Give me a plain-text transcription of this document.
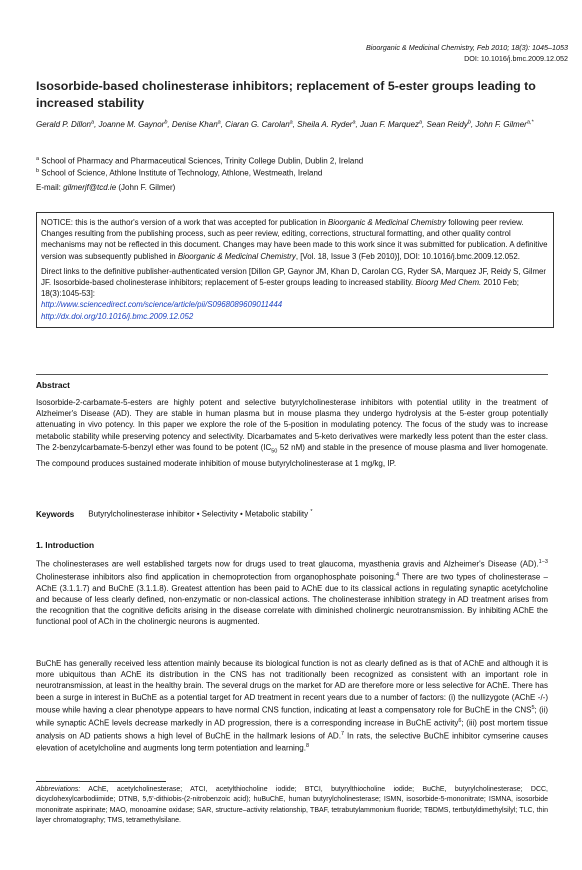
Bioorganic & Medicinal Chemistry, Feb 2010; 18(3): 1045–1053
DOI: 10.1016/j.bmc.2009.12.052
Isosorbide-based cholinesterase inhibitors; replacement of 5-ester groups leading to increased stability
Gerald P. Dillon$^a$, Joanne M. Gaynor$^b$, Denise Khan$^a$, Ciaran G. Carolan$^a$, Sheila A. Ryder$^a$, Juan F. Marquez$^a$, Sean Reidy$^b$, John F. Gilmer$^{a,*}$
$^a$ School of Pharmacy and Pharmaceutical Sciences, Trinity College Dublin, Dublin 2, Ireland
$^b$ School of Science, Athlone Institute of Technology, Athlone, Westmeath, Ireland
E-mail: gilmerjf@tcd.ie (John F. Gilmer)

NOTICE: this is the author's version of a work that was accepted for publication in Bioorganic & Medicinal Chemistry following peer review. Changes resulting from the publishing process, such as peer review, editing, corrections, structural formatting, and other quality control mechanisms may not be reflected in this document. Changes may have been made to this work since it was submitted for publication. A definitive version was subsequently published in Bioorganic & Medicinal Chemistry, [Vol. 18, Issue 3 (Feb 2010)], DOI: 10.1016/j.bmc.2009.12.052.

Direct links to the definitive publisher-authenticated version [Dillon GP, Gaynor JM, Khan D, Carolan CG, Ryder SA, Marquez JF, Reidy S, Gilmer JF. Isosorbide-based cholinesterase inhibitors; replacement of 5-ester groups leading to increased stability. Bioorg Med Chem. 2010 Feb; 18(3):1045-53]:
http://www.sciencedirect.com/science/article/pii/S0968089609011444
http://dx.doi.org/10.1016/j.bmc.2009.12.052

Abstract
Isosorbide-2-carbamate-5-esters are highly potent and selective butyrylcholinesterase inhibitors with potential utility in the treatment of Alzheimer's Disease (AD). They are stable in human plasma but in mouse plasma they undergo hydrolysis at the 5-ester group potentially attenuating in vivo potency. In this paper we explore the role of the 5-position in modulating potency. The focus of the study was to increase metabolic stability while preserving potency and selectivity. Dicarbamates and 5-keto derivatives were markedly less potent than the ester class. The 2-benzylcarbamate-5-benzyl ether was found to be potent ($IC_{50}$ 52 nM) and stable in the presence of mouse plasma and liver homogenate. The compound produces sustained moderate inhibition of mouse butyrylcholinesterase at 1 mg/kg, IP.
Keywords Butyrylcholinesterase inhibitor • Selectivity • Metabolic stability *
1. Introduction
The cholinesterases are well established targets now for drugs used to treat glaucoma, myasthenia gravis and Alzheimer's Disease (AD).$^{1-3}$ Cholinesterase inhibitors also find application in chemoprotection from organophosphate poisoning.$^4$ There are two types of cholinesterase – AChE (3.1.1.7) and BuChE (3.1.1.8). Greatest attention has been paid to AChE due to its classical actions in regulating synaptic acetylcholine and because of less clearly defined, non-enzymatic or non-classical actions. The cholinesterase inhibition strategy in AD treatment arises from the recognition that the cognitive deficits arising in the disease correlate with diminished cholinergic neurotransmission. By inhibiting AChE the functional pool of ACh in the cholinergic neurons is augmented.
BuChE has generally received less attention mainly because its biological function is not as clearly defined as is that of AChE and although it is more ubiquitous than AChE its distribution in the CNS has not traditionally been recognized as consistent with an important role in neurotransmission, at least in the healthy brain. The several drugs on the market for AD are therefore more or less selective for AChE. There has been a surge in interest in BuChE as a potential target for AD treatment in recent years due to a number of factors: (i) the nullizygote (AChE -/-) mouse while having a clear phenotype appears to have normal CNS function, indicating at least a compensatory role for BuChE in the CNS$^5$; (ii) while synaptic AChE levels decrease markedly in AD progression, there is a corresponding increase in BuChE activity$^6$; (iii) post mortem tissue analysis on AD patients shows a high level of BuChE in the hallmark lesions of AD.$^7$ In rats, the selective BuChE inhibitor cymserine causes elevation of acetylcholine and augments long term potentiation and learning.$^8$
Abbreviations: AChE, acetylcholinesterase; ATCI, acetylthiocholine iodide; BTCI, butyrylthiocholine iodide; BuChE, butyrylcholinesterase; DCC, dicyclohexylcarbodiimide; DTNB, 5,5'-dithiobis-(2-nitrobenzoic acid); huBuChE, human butyrylcholinesterase; ISMN, isosorbide-5-mononitrate; ISMNA, isosorbide mononitrate aspirinate; MAO, monoamine oxidase; SAR, structure–activity relationship, TBAF, tetrabutylammonium fluoride; TBDMS, tertbutyldimethylsilyl; TLC, thin layer chromatography; TMS, tetramethylsilane.
